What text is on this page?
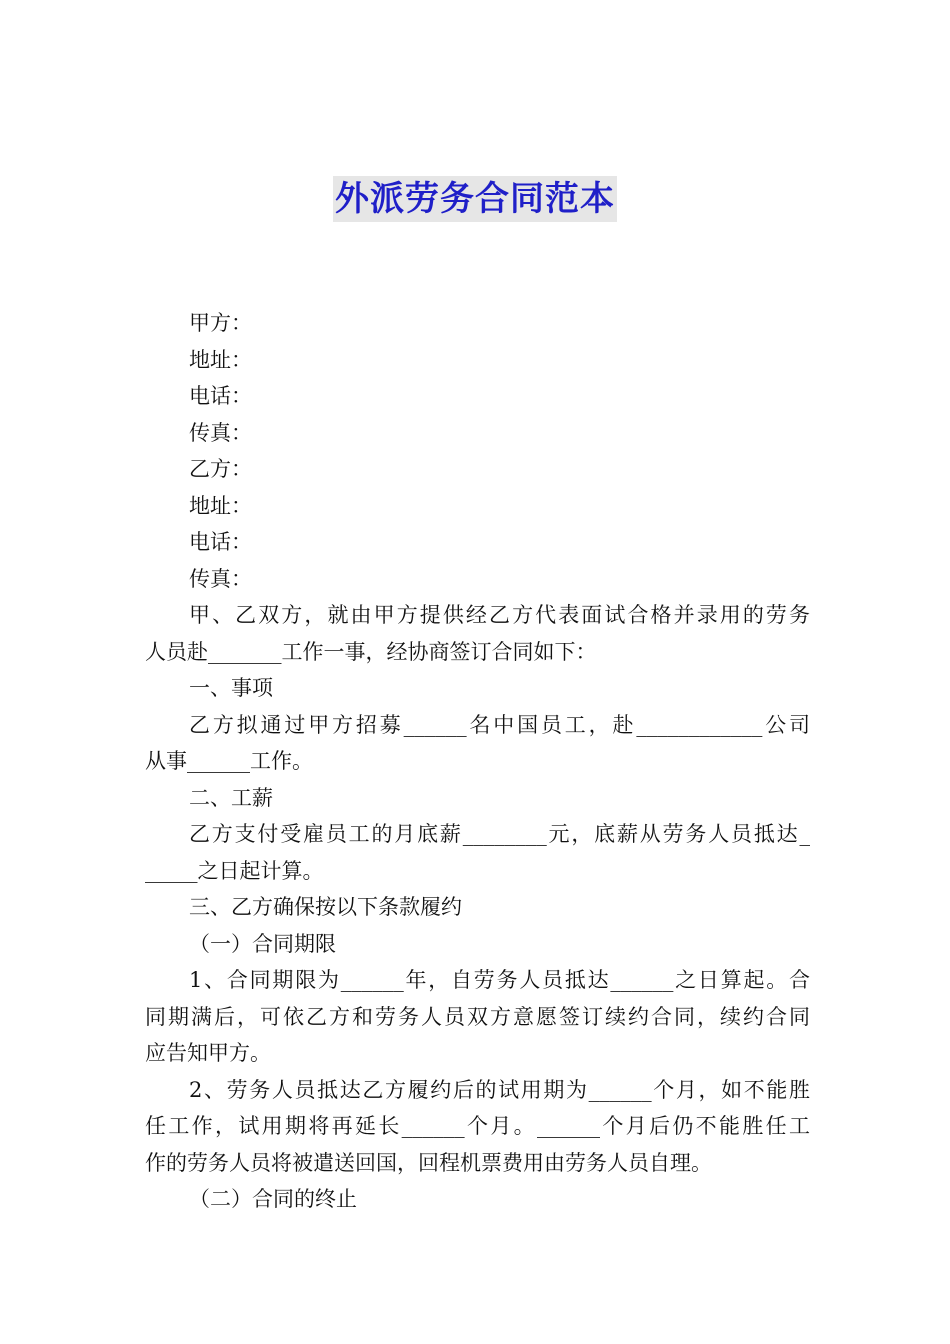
外派劳务合同范本
甲方：
地址：
电话：
传真：
乙方：
地址：
电话：
传真：
甲、乙双方，就由甲方提供经乙方代表面试合格并录用的劳务
人员赴_______工作一事，经协商签订合同如下：
一、事项
乙方拟通过甲方招募______名中国员工，赴____________公司
从事______工作。
二、工薪
乙方支付受雇员工的月底薪________元，底薪从劳务人员抵达_
_____之日起计算。
三、乙方确保按以下条款履约
（一）合同期限
1、合同期限为______年，自劳务人员抵达______之日算起。合
同期满后，可依乙方和劳务人员双方意愿签订续约合同，续约合同
应告知甲方。
2、劳务人员抵达乙方履约后的试用期为______个月，如不能胜
任工作，试用期将再延长______个月。______个月后仍不能胜任工
作的劳务人员将被遣送回国，回程机票费用由劳务人员自理。
（二）合同的终止
